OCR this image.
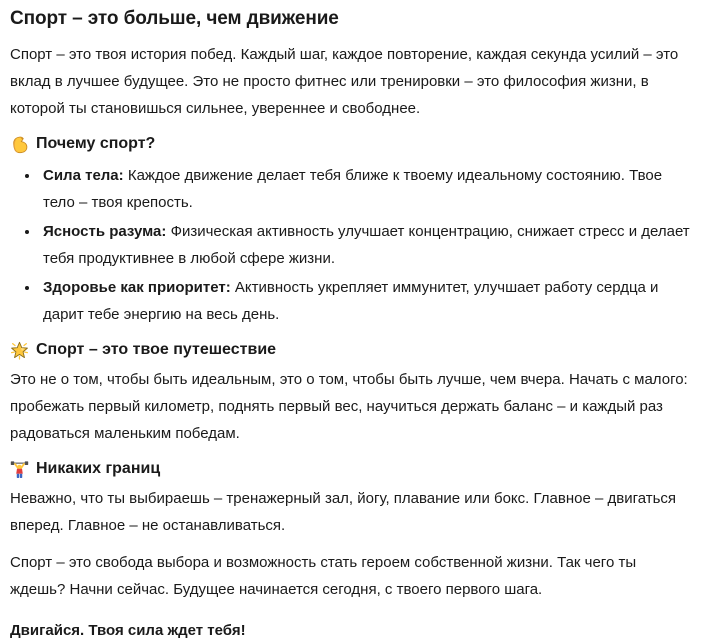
Спорт – это больше, чем движение

Спорт – это твоя история побед. Каждый шаг, каждое повторение, каждая секунда усилий – это вклад в лучшее будущее. Это не просто фитнес или тренировки – это философия жизни, в которой ты становишься сильнее, увереннее и свободнее.

Почему спорт?
• Сила тела: Каждое движение делает тебя ближе к твоему идеальному состоянию. Твое тело – твоя крепость.
• Ясность разума: Физическая активность улучшает концентрацию, снижает стресс и делает тебя продуктивнее в любой сфере жизни.
• Здоровье как приоритет: Активность укрепляет иммунитет, улучшает работу сердца и дарит тебе энергию на весь день.
Спорт – это твое путешествие

Это не о том, чтобы быть идеальным, это о том, чтобы быть лучше, чем вчера. Начать с малого: пробежать первый километр, поднять первый вес, научиться держать баланс – и каждый раз радоваться маленьким победам.

Никаких границ

Неважно, что ты выбираешь – тренажерный зал, йогу, плавание или бокс. Главное – двигаться вперед. Главное – не останавливаться.

Спорт – это свобода выбора и возможность стать героем собственной жизни. Так чего ты ждешь? Начни сейчас. Будущее начинается сегодня, с твоего первого шага.

Двигайся. Твоя сила ждет тебя!
